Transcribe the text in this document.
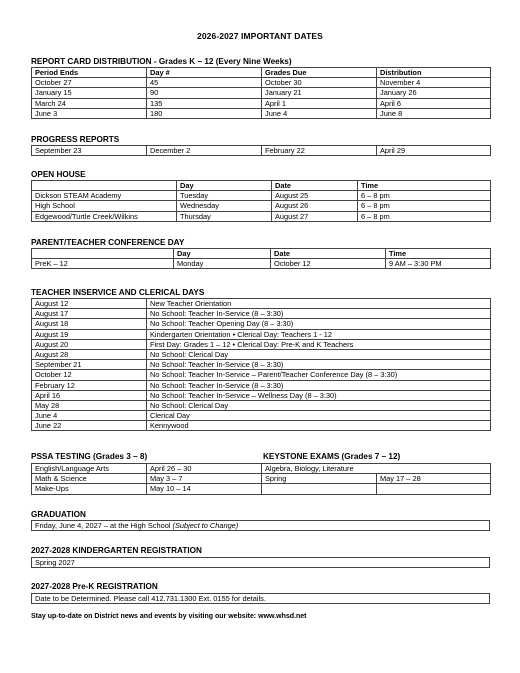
2026-2027 IMPORTANT DATES
REPORT CARD DISTRIBUTION - Grades K – 12 (Every Nine Weeks)
Period Ends	Day #	Grades Due	Distribution
October 27	45	October 30	November 4
January 15	90	January 21	January 26
March 24	135	April 1	April 6
June 3	180	June 4	June 8
PROGRESS REPORTS
September 23	December 2	February 22	April 29
OPEN HOUSE
	Day	Date	Time
Dickson STEAM Academy	Tuesday	August 25	6 – 8 pm
High School	Wednesday	August 26	6 – 8 pm
Edgewood/Turtle Creek/Wilkins	Thursday	August 27	6 – 8 pm
PARENT/TEACHER CONFERENCE DAY
	Day	Date	Time
PreK – 12	Monday	October 12	9 AM – 3:30 PM
TEACHER INSERVICE AND CLERICAL DAYS
August 12	New Teacher Orientation
August 17	No School: Teacher In-Service (8 – 3:30)
August 18	No School: Teacher Opening Day (8 – 3:30)
August 19	Kindergarten Orientation • Clerical Day: Teachers 1 - 12
August 20	First Day: Grades 1 – 12 • Clerical Day: Pre-K and K Teachers
August 28	No School: Clerical Day
September 21	No School: Teacher In-Service (8 – 3:30)
October 12	No School: Teacher In-Service – Parent/Teacher Conference Day (8 – 3:30)
February 12	No School: Teacher In-Service (8 – 3:30)
April 16	No School: Teacher In-Service – Wellness Day (8 – 3:30)
May 28	No School: Clerical Day
June 4	Clerical Day
June 22	Kennywood
PSSA TESTING (Grades 3 – 8)	KEYSTONE EXAMS (Grades 7 – 12)
English/Language Arts	April 26 – 30	Algebra, Biology, Literature	
Math & Science	May 3 – 7	Spring	May 17 – 28
Make-Ups	May 10 – 14		
GRADUATION
Friday, June 4, 2027 – at the High School (Subject to Change)
2027-2028 KINDERGARTEN REGISTRATION
Spring 2027
2027-2028 Pre-K REGISTRATION
Date to be Determined. Please call 412.731.1300 Ext. 0155 for details.
Stay up-to-date on District news and events by visiting our website: www.whsd.net
